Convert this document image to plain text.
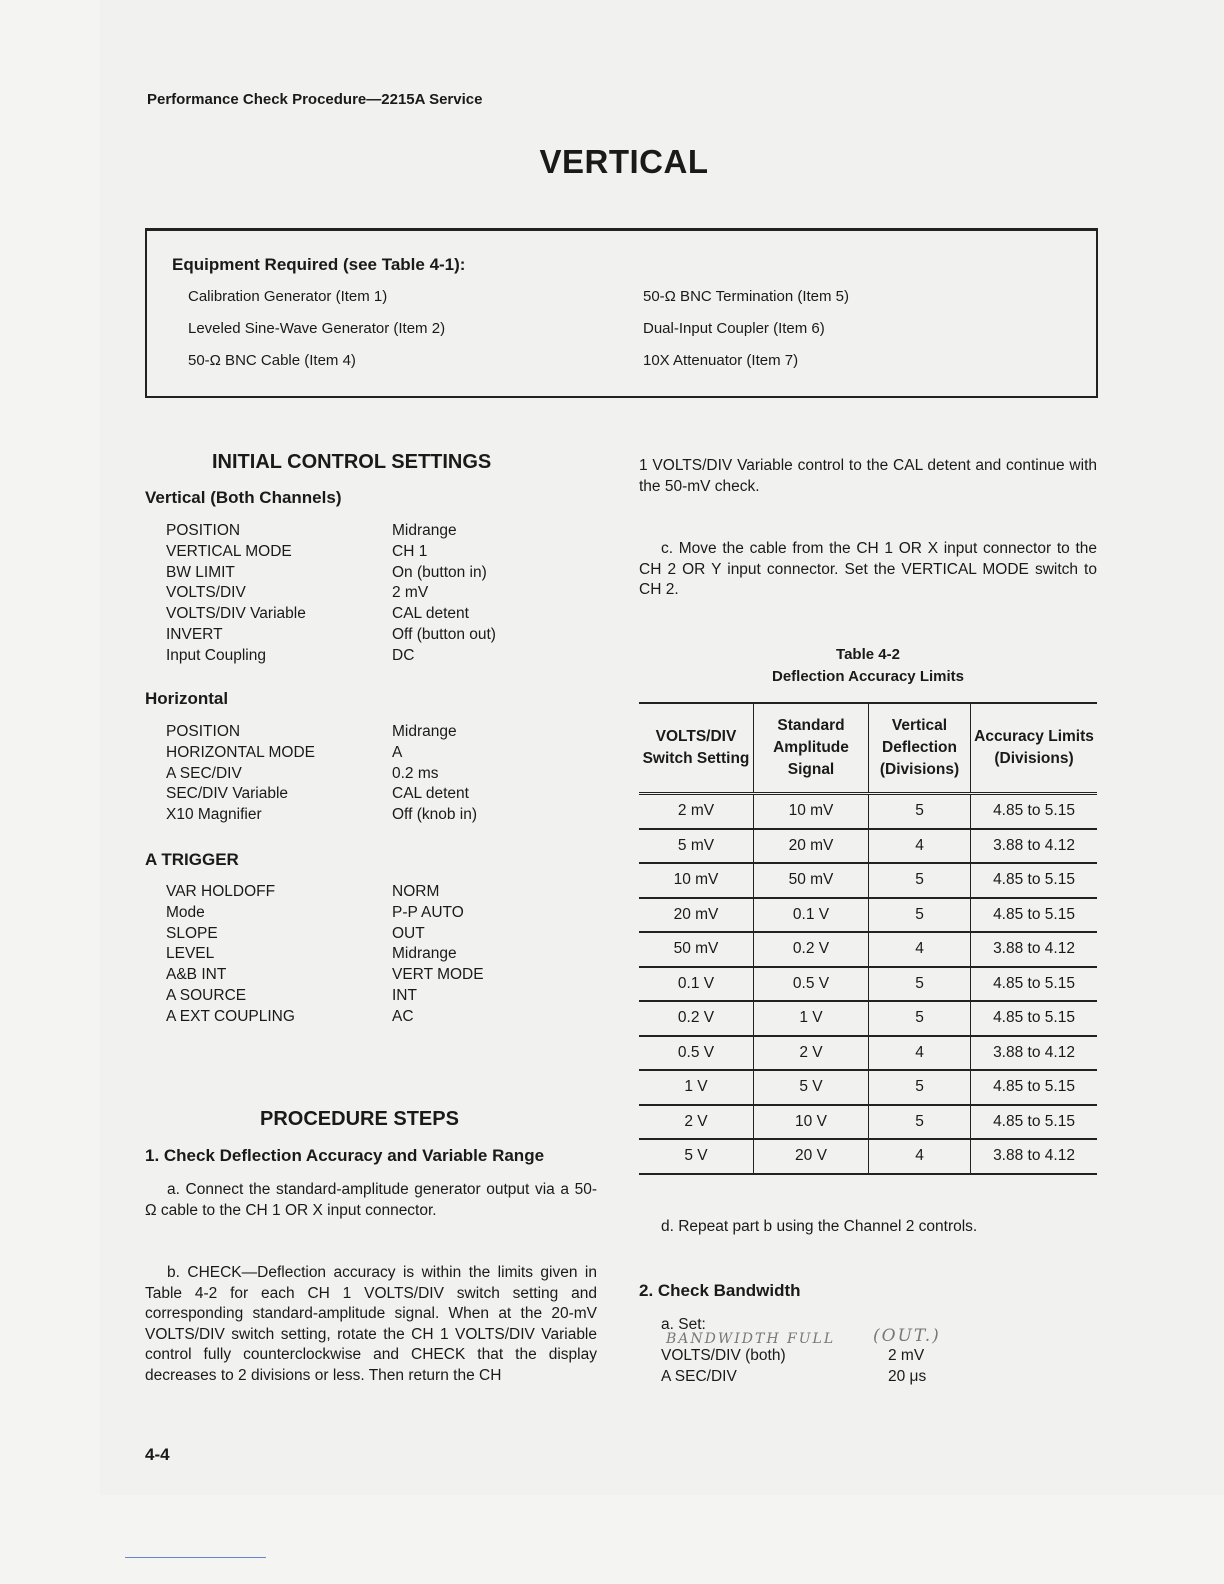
Performance Check Procedure—2215A Service
VERTICAL
Equipment Required (see Table 4-1):
Calibration Generator (Item 1)
Leveled Sine-Wave Generator (Item 2)
50-Ω BNC Cable (Item 4)
50-Ω BNC Termination (Item 5)
Dual-Input Coupler (Item 6)
10X Attenuator (Item 7)
INITIAL CONTROL SETTINGS
Vertical (Both Channels)
POSITION	Midrange
VERTICAL MODE	CH 1
BW LIMIT	On (button in)
VOLTS/DIV	2 mV
VOLTS/DIV Variable	CAL detent
INVERT	Off (button out)
Input Coupling	DC
Horizontal
POSITION	Midrange
HORIZONTAL MODE	A
A SEC/DIV	0.2 ms
SEC/DIV Variable	CAL detent
X10 Magnifier	Off (knob in)
A TRIGGER
VAR HOLDOFF	NORM
Mode	P-P AUTO
SLOPE	OUT
LEVEL	Midrange
A&B INT	VERT MODE
A SOURCE	INT
A EXT COUPLING	AC
PROCEDURE STEPS
1. Check Deflection Accuracy and Variable Range
a. Connect the standard-amplitude generator output via a 50-Ω cable to the CH 1 OR X input connector.
b. CHECK—Deflection accuracy is within the limits given in Table 4-2 for each CH 1 VOLTS/DIV switch setting and corresponding standard-amplitude signal. When at the 20-mV VOLTS/DIV switch setting, rotate the CH 1 VOLTS/DIV Variable control fully counterclockwise and CHECK that the display decreases to 2 divisions or less. Then return the CH
1 VOLTS/DIV Variable control to the CAL detent and continue with the 50-mV check.
c. Move the cable from the CH 1 OR X input connector to the CH 2 OR Y input connector. Set the VERTICAL MODE switch to CH 2.
Table 4-2
Deflection Accuracy Limits
VOLTS/DIV Switch Setting	Standard Amplitude Signal	Vertical Deflection (Divisions)	Accuracy Limits (Divisions)
2 mV	10 mV	5	4.85 to 5.15
5 mV	20 mV	4	3.88 to 4.12
10 mV	50 mV	5	4.85 to 5.15
20 mV	0.1 V	5	4.85 to 5.15
50 mV	0.2 V	4	3.88 to 4.12
0.1 V	0.5 V	5	4.85 to 5.15
0.2 V	1 V	5	4.85 to 5.15
0.5 V	2 V	4	3.88 to 4.12
1 V	5 V	5	4.85 to 5.15
2 V	10 V	5	4.85 to 5.15
5 V	20 V	4	3.88 to 4.12
d. Repeat part b using the Channel 2 controls.
2. Check Bandwidth
a. Set:
BANDWIDTH FULL (OUT.)
VOLTS/DIV (both)	2 mV
A SEC/DIV	20 μs
4-4
